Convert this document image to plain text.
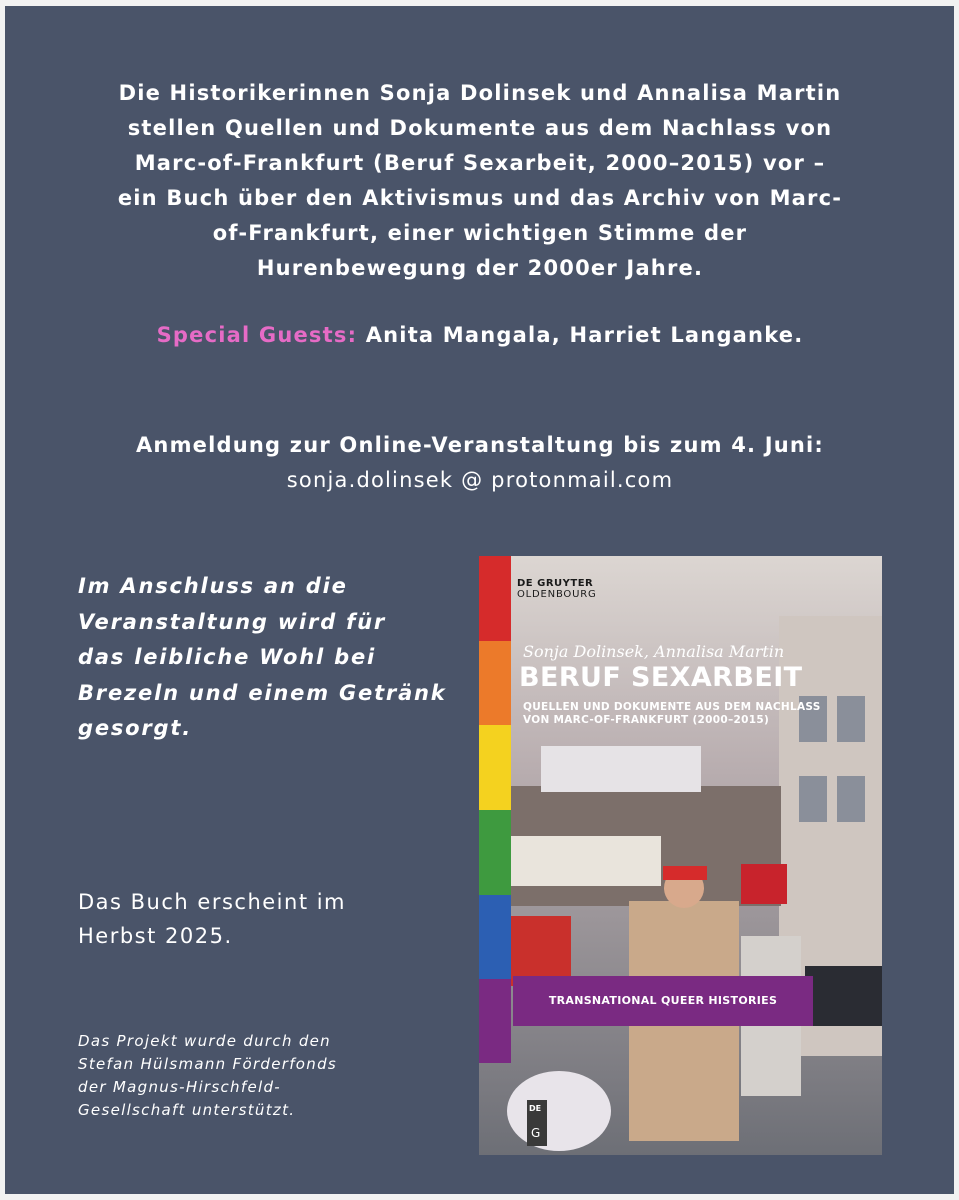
Die Historikerinnen Sonja Dolinsek und Annalisa Martin
stellen Quellen und Dokumente aus dem Nachlass von
Marc-of-Frankfurt (Beruf Sexarbeit, 2000–2015) vor –
ein Buch über den Aktivismus und das Archiv von Marc-
of-Frankfurt, einer wichtigen Stimme der
Hurenbewegung der 2000er Jahre.
Special Guests: Anita Mangala, Harriet Langanke.
Anmeldung zur Online-Veranstaltung bis zum 4. Juni:
sonja.dolinsek @ protonmail.com
Im Anschluss an die
Veranstaltung wird für
das leibliche Wohl bei
Brezeln und einem Getränk
gesorgt.
Das Buch erscheint im
Herbst 2025.
Das Projekt wurde durch den
Stefan Hülsmann Förderfonds
der Magnus-Hirschfeld-
Gesellschaft unterstützt.
DE GRUYTER
OLDENBOURG
Sonja Dolinsek, Annalisa Martin
BERUF SEXARBEIT
QUELLEN UND DOKUMENTE AUS DEM NACHLASS
VON MARC-OF-FRANKFURT (2000–2015)
TRANSNATIONAL QUEER HISTORIES
DE
G
